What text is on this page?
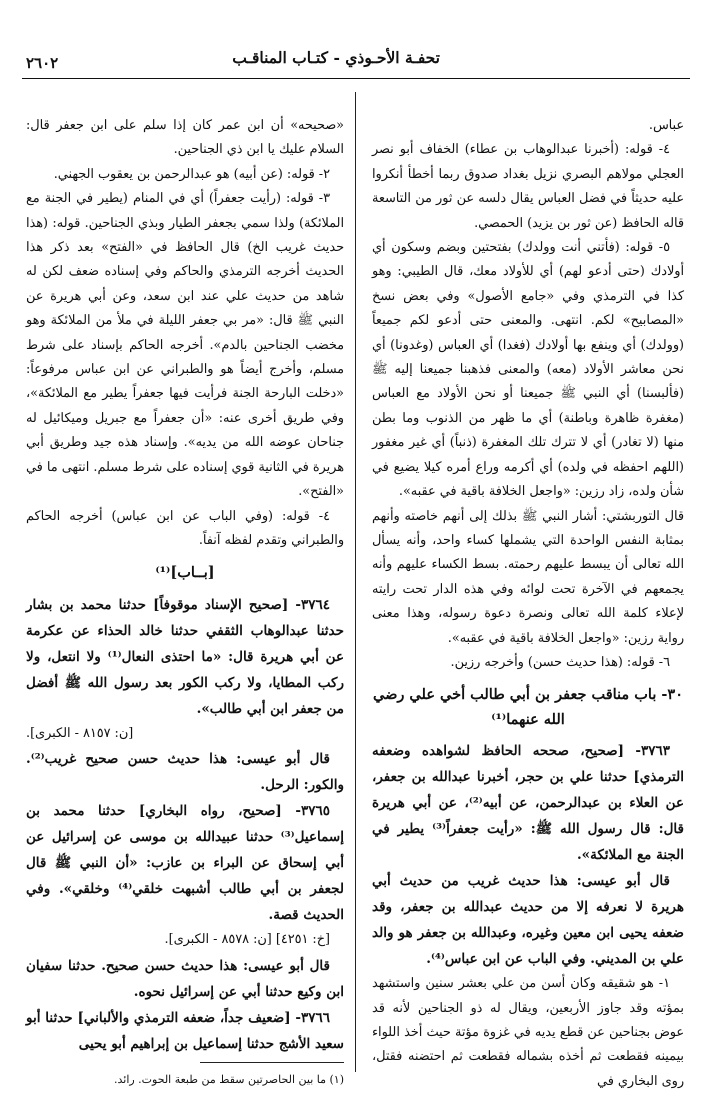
تحفـة الأحـوذي - كتـاب المناقـب
٢٦٠٢

عباس.

٤- قوله: (أخبرنا عبدالوهاب بن عطاء) الخفاف أبو نصر العجلي مولاهم البصري نزيل بغداد صدوق ربما أخطأ أنكروا عليه حديثاً في فضل العباس يقال دلسه عن ثور من التاسعة قاله الحافظ (عن ثور بن يزيد) الحمصي.

٥- قوله: (فأتني أنت وولدك) بفتحتين وبضم وسكون أي أولادك (حتى أدعو لهم) أي للأولاد معك، قال الطيبي: وهو كذا في الترمذي وفي «جامع الأصول» وفي بعض نسخ «المصابيح» لكم. انتهى. والمعنى حتى أدعو لكم جميعاً (وولدك) أي وينفع بها أولادك (فغدا) أي العباس (وغدونا) أي نحن معاشر الأولاد (معه) والمعنى فذهبنا جميعنا إليه ﷺ (فألبسنا) أي النبي ﷺ جميعنا أو نحن الأولاد مع العباس (مغفرة ظاهرة وباطنة) أي ما ظهر من الذنوب وما بطن منها (لا تغادر) أي لا تترك تلك المغفرة (ذنباً) أي غير مغفور (اللهم احفظه في ولده) أي أكرمه وراع أمره كيلا يضيع في شأن ولده، زاد رزين: «واجعل الخلافة باقية في عقبه».

قال التوربشتي: أشار النبي ﷺ بذلك إلى أنهم خاصته وأنهم بمثابة النفس الواحدة التي يشملها كساء واحد، وأنه يسأل الله تعالى أن يبسط عليهم رحمته. بسط الكساء عليهم وأنه يجمعهم في الآخرة تحت لوائه وفي هذه الدار تحت رايته لإعلاء كلمة الله تعالى ونصرة دعوة رسوله، وهذا معنى رواية رزين: «واجعل الخلافة باقية في عقبه».

٦- قوله: (هذا حديث حسن) وأخرجه رزين.

٣٠- باب مناقب جعفر بن أبي طالب أخي علي رضي الله عنهما⁽¹⁾

٣٧٦٣- [صحيح، صححه الحافظ لشواهده وضعفه الترمذي] حدثنا علي بن حجر، أخبرنا عبدالله بن جعفر، عن العلاء بن عبدالرحمن، عن أبيه⁽²⁾، عن أبي هريرة قال: قال رسول الله ﷺ: «رأيت جعفراً⁽³⁾ يطير في الجنة مع الملائكة».

قال أبو عيسى: هذا حديث غريب من حديث أبي هريرة لا نعرفه إلا من حديث عبدالله بن جعفر، وقد ضعفه يحيى ابن معين وغيره، وعبدالله بن جعفر هو والد علي بن المديني. وفي الباب عن ابن عباس⁽⁴⁾.

١- هو شقيقه وكان أسن من علي بعشر سنين واستشهد بمؤته وقد جاوز الأربعين، ويقال له ذو الجناحين لأنه قد عوض بجناحين عن قطع يديه في غزوة مؤتة حيث أخذ اللواء بيمينه فقطعت ثم أخذه بشماله فقطعت ثم احتضنه فقتل، روى البخاري في

«صحيحه» أن ابن عمر كان إذا سلم على ابن جعفر قال: السلام عليك يا ابن ذي الجناحين.

٢- قوله: (عن أبيه) هو عبدالرحمن بن يعقوب الجهني.

٣- قوله: (رأيت جعفراً) أي في المنام (يطير في الجنة مع الملائكة) ولذا سمي بجعفر الطيار وبذي الجناحين. قوله: (هذا حديث غريب الخ) قال الحافظ في «الفتح» بعد ذكر هذا الحديث أخرجه الترمذي والحاكم وفي إسناده ضعف لكن له شاهد من حديث علي عند ابن سعد، وعن أبي هريرة عن النبي ﷺ قال: «مر بي جعفر الليلة في ملأ من الملائكة وهو مخضب الجناحين بالدم». أخرجه الحاكم بإسناد على شرط مسلم، وأخرج أيضاً هو والطبراني عن ابن عباس مرفوعاً: «دخلت البارحة الجنة فرأيت فيها جعفراً يطير مع الملائكة»، وفي طريق أخرى عنه: «أن جعفراً مع جبريل وميكائيل له جناحان عوضه الله من يديه». وإسناد هذه جيد وطريق أبي هريرة في الثانية قوي إسناده على شرط مسلم. انتهى ما في «الفتح».

٤- قوله: (وفي الباب عن ابن عباس) أخرجه الحاكم والطبراني وتقدم لفظه آنفاً.

[بــاب]⁽¹⁾

٣٧٦٤- [صحيح الإسناد موقوفاً] حدثنا محمد بن بشار حدثنا عبدالوهاب الثقفي حدثنا خالد الحذاء عن عكرمة عن أبي هريرة قال: «ما احتذى النعال⁽¹⁾ ولا انتعل، ولا ركب المطايا، ولا ركب الكور بعد رسول الله ﷺ أفضل من جعفر ابن أبي طالب».

[ن: ٨١٥٧ - الكبرى].

قال أبو عيسى: هذا حديث حسن صحيح غريب⁽²⁾. والكور: الرحل.

٣٧٦٥- [صحيح، رواه البخاري] حدثنا محمد بن إسماعيل⁽³⁾ حدثنا عبيدالله بن موسى عن إسرائيل عن أبي إسحاق عن البراء بن عازب: «أن النبي ﷺ قال لجعفر بن أبي طالب أشبهت خلقي⁽⁴⁾ وخلقي». وفي الحديث قصة.

[خ: ٤٢٥١] [ن: ٨٥٧٨ - الكبرى].

قال أبو عيسى: هذا حديث حسن صحيح. حدثنا سفيان ابن وكيع حدثنا أبي عن إسرائيل نحوه.

٣٧٦٦- [ضعيف جداً، ضعفه الترمذي والألباني] حدثنا أبو سعيد الأشج حدثنا إسماعيل بن إبراهيم أبو يحيى

(١) ما بين الحاصرتين سقط من طبعة الحوت. رائد.
